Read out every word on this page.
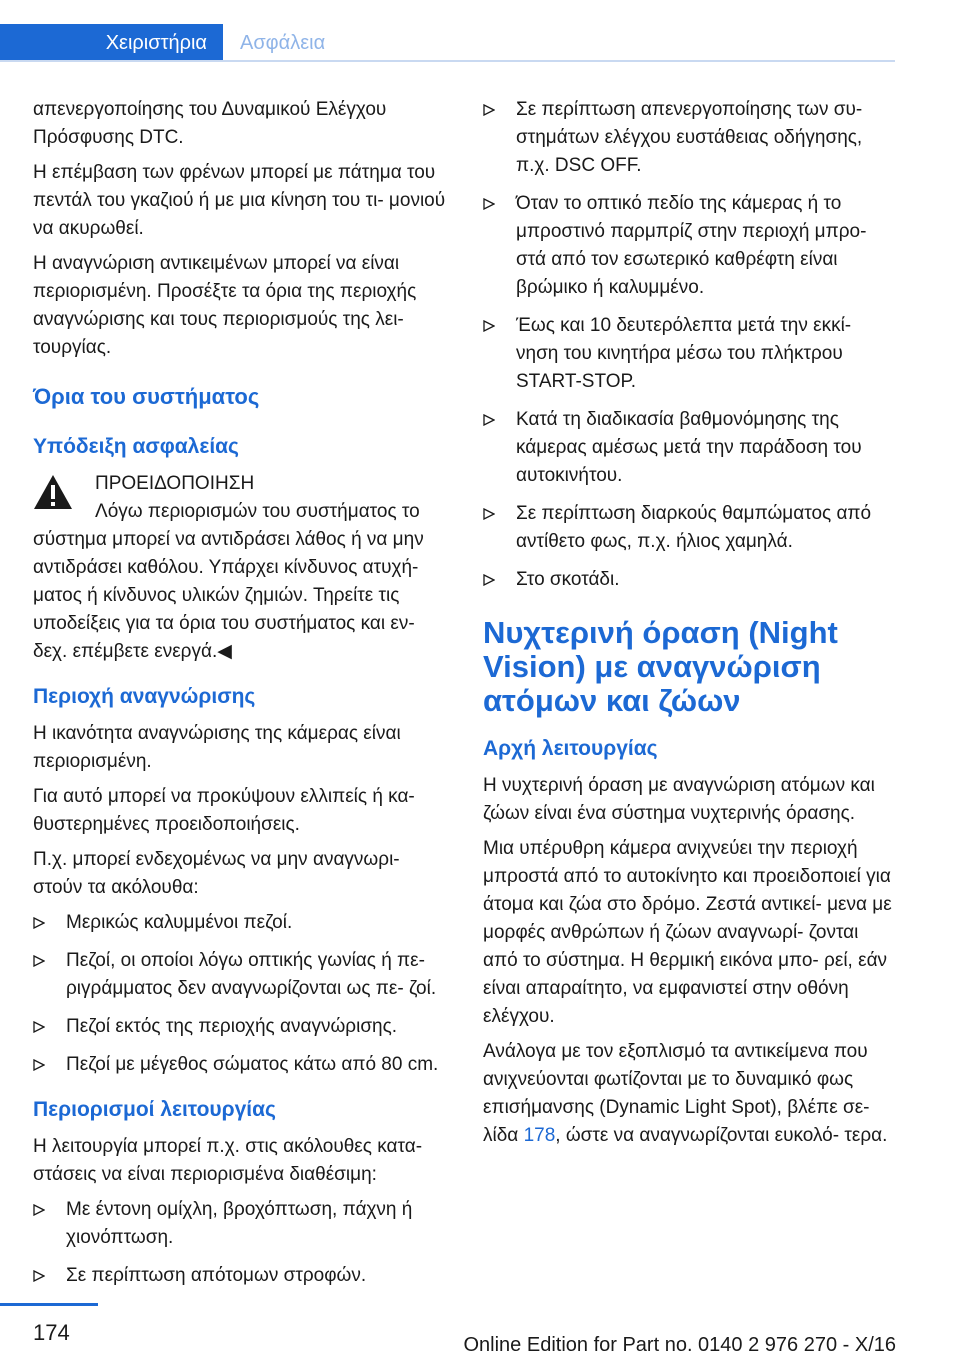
Χειριστήρια	Ασφάλεια

απενεργοποίησης του Δυναμικού Ελέγχου Πρόσφυσης DTC.

Η επέμβαση των φρένων μπορεί με πάτημα του πεντάλ του γκαζιού ή με μια κίνηση του τι- μονιού να ακυρωθεί.

Η αναγνώριση αντικειμένων μπορεί να είναι περιορισμένη. Προσέξτε τα όρια της περιοχής αναγνώρισης και τους περιορισμούς της λει- τουργίας.

Όρια του συστήματος
Υπόδειξη ασφαλείας
ΠΡΟΕΙΔΟΠΟΙΗΣΗ

Λόγω περιορισμών του συστήματος το σύστημα μπορεί να αντιδράσει λάθος ή να μην αντιδράσει καθόλου. Υπάρχει κίνδυνος ατυχή- ματος ή κίνδυνος υλικών ζημιών. Τηρείτε τις υποδείξεις για τα όρια του συστήματος και εν- δεχ. επέμβετε ενεργά.◀

Περιοχή αναγνώρισης

Η ικανότητα αναγνώρισης της κάμερας είναι περιορισμένη.

Για αυτό μπορεί να προκύψουν ελλιπείς ή κα- θυστερημένες προειδοποιήσεις.

Π.χ. μπορεί ενδεχομένως να μην αναγνωρι- στούν τα ακόλουθα:

Μερικώς καλυμμένοι πεζοί.
Πεζοί, οι οποίοι λόγω οπτικής γωνίας ή πε- ριγράμματος δεν αναγνωρίζονται ως πε- ζοί.
Πεζοί εκτός της περιοχής αναγνώρισης.
Πεζοί με μέγεθος σώματος κάτω από 80 cm.
Περιορισμοί λειτουργίας

Η λειτουργία μπορεί π.χ. στις ακόλουθες κατα- στάσεις να είναι περιορισμένα διαθέσιμη:

Με έντονη ομίχλη, βροχόπτωση, πάχνη ή χιονόπτωση.
Σε περίπτωση απότομων στροφών.
Σε περίπτωση απενεργοποίησης των συ- στημάτων ελέγχου ευστάθειας οδήγησης, π.χ. DSC OFF.
Όταν το οπτικό πεδίο της κάμερας ή το μπροστινό παρμπρίζ στην περιοχή μπρο- στά από τον εσωτερικό καθρέφτη είναι βρώμικο ή καλυμμένο.
Έως και 10 δευτερόλεπτα μετά την εκκί- νηση του κινητήρα μέσω του πλήκτρου START-STOP.
Κατά τη διαδικασία βαθμονόμησης της κάμερας αμέσως μετά την παράδοση του αυτοκινήτου.
Σε περίπτωση διαρκούς θαμπώματος από αντίθετο φως, π.χ. ήλιος χαμηλά.
Στο σκοτάδι.
Νυχτερινή όραση (Night Vision) με αναγνώριση ατόμων και ζώων
Αρχή λειτουργίας

Η νυχτερινή όραση με αναγνώριση ατόμων και ζώων είναι ένα σύστημα νυχτερινής όρασης.

Μια υπέρυθρη κάμερα ανιχνεύει την περιοχή μπροστά από το αυτοκίνητο και προειδοποιεί για άτομα και ζώα στο δρόμο. Ζεστά αντικεί- μενα με μορφές ανθρώπων ή ζώων αναγνωρί- ζονται από το σύστημα. Η θερμική εικόνα μπο- ρεί, εάν είναι απαραίτητο, να εμφανιστεί στην οθόνη ελέγχου.

Ανάλογα με τον εξοπλισμό τα αντικείμενα που ανιχνεύονται φωτίζονται με το δυναμικό φως επισήμανσης (Dynamic Light Spot), βλέπε σε- λίδα 178, ώστε να αναγνωρίζονται ευκολό- τερα.

174	Online Edition for Part no. 0140 2 976 270 - X/16
